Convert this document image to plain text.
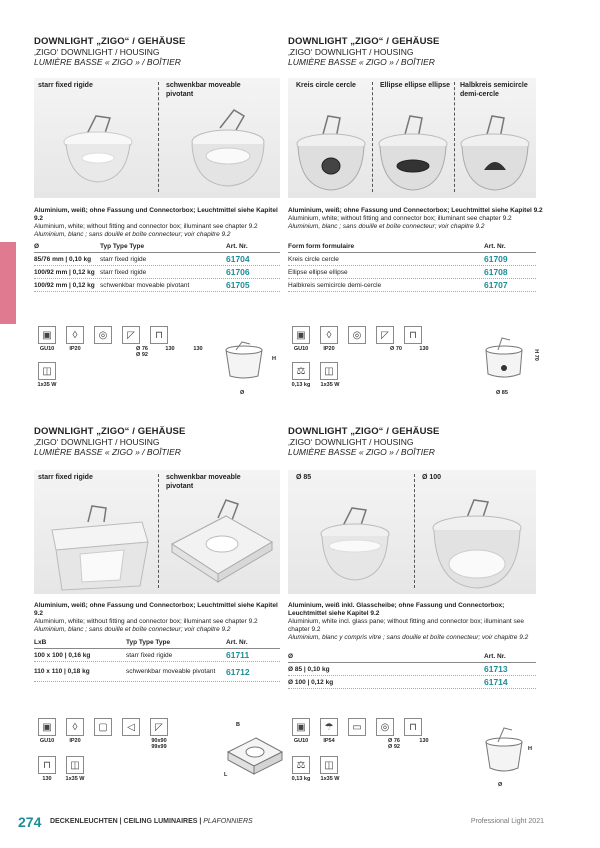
DOWNLIGHT „ZIGO“ / GEHÄUSE
‚ZIGO‘ DOWNLIGHT / HOUSING
LUMIÈRE BASSE « ZIGO » / BOÎTIER
starr fixed rigide	schwenkbar moveable pivotant
Aluminium, weiß; ohne Fassung und Connectorbox; Leuchtmittel siehe Kapitel 9.2
Aluminium, white; without fitting and connector box; illuminant see chapter 9.2
Aluminium, blanc ; sans douille et boîte connecteur; voir chapitre 9.2
Ø	Typ Type Type	Art. Nr.
85/76 mm | 0,10 kg	starr fixed rigide	61704
100/92 mm | 0,12 kg starr fixed rigide	61706
100/92 mm | 0,12 kg schwenkbar moveable pivotant	61705
▣	◊	◎	◸	⊓
GU10	IP20	Ø 76
Ø 92
130	130
◫
1x35 W
Ø
H
DOWNLIGHT „ZIGO“ / GEHÄUSE
‚ZIGO‘ DOWNLIGHT / HOUSING
LUMIÈRE BASSE « ZIGO » / BOÎTIER
Kreis circle cercle	Ellipse ellipse ellipse Halbkreis semicircle demi-cercle
Aluminium, weiß; ohne Fassung und Connectorbox; Leuchtmittel siehe Kapitel 9.2
Aluminium, white; without fitting and connector box; illuminant see chapter 9.2
Aluminium, blanc ; sans douille et boîte connecteur; voir chapitre 9.2
Form form formulaire	Art. Nr.
Kreis circle cercle	61709
Ellipse ellipse ellipse	61708
Halbkreis semicircle demi-cercle	61707
▣	◊	◎	◸	⊓
GU10	IP20	Ø 70	130
⚖	◫
0,13 kg	1x35 W
Ø 85
H 70
DOWNLIGHT „ZIGO“ / GEHÄUSE
‚ZIGO‘ DOWNLIGHT / HOUSING
LUMIÈRE BASSE « ZIGO » / BOÎTIER
starr fixed rigide	schwenkbar moveable pivotant
Aluminium, weiß; ohne Fassung und Connectorbox; Leuchtmittel siehe Kapitel 9.2
Aluminium, white; without fitting and connector box; illuminant see chapter 9.2
Aluminium, blanc ; sans douille et boîte connecteur; voir chapitre 9.2
LxB	Typ Type Type	Art. Nr.
100 x 100 | 0,16 kg	starr fixed rigide	61711
110 x 110 | 0,18 kg	schwenkbar moveable pivotant	61712
▣	◊	▢	◁	◸
GU10	IP20	90x90
99x99
⊓	◫
130	1x35 W
B
L
DOWNLIGHT „ZIGO“ / GEHÄUSE
‚ZIGO‘ DOWNLIGHT / HOUSING
LUMIÈRE BASSE « ZIGO » / BOÎTIER
Ø 85	Ø 100
Aluminium, weiß inkl. Glasscheibe; ohne Fassung und Connectorbox; Leuchtmittel siehe Kapitel 9.2
Aluminium, white incl. glass pane; without fitting and connector box; illuminant see chapter 9.2
Aluminium, blanc y compris vitre ; sans douille et boîte connecteur; voir chapitre 9.2
Ø	Art. Nr.
Ø 85 | 0,10 kg	61713
Ø 100 | 0,12 kg	61714
▣	☂	▭	◎	⊓
GU10	IP54	Ø 76
Ø 92
130
⚖	◫
0,13 kg	1x35 W
Ø
H
274 DECKENLEUCHTEN | CEILING LUMINAIRES | PLAFONNIERS	Professional Light 2021
